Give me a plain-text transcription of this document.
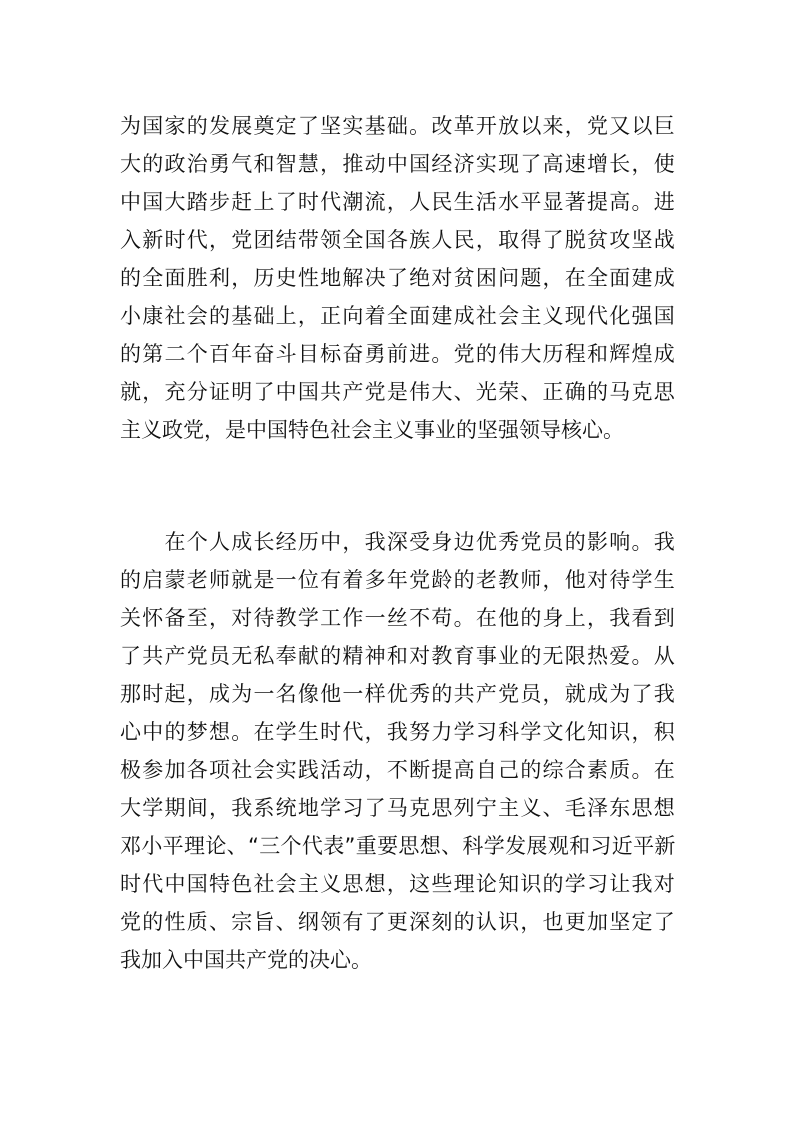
为国家的发展奠定了坚实基础。改革开放以来，党又以巨
大的政治勇气和智慧，推动中国经济实现了高速增长，使
中国大踏步赶上了时代潮流，人民生活水平显著提高。进
入新时代，党团结带领全国各族人民，取得了脱贫攻坚战
的全面胜利，历史性地解决了绝对贫困问题，在全面建成
小康社会的基础上，正向着全面建成社会主义现代化强国
的第二个百年奋斗目标奋勇前进。党的伟大历程和辉煌成
就，充分证明了中国共产党是伟大、光荣、正确的马克思
主义政党，是中国特色社会主义事业的坚强领导核心。

　　在个人成长经历中，我深受身边优秀党员的影响。我
的启蒙老师就是一位有着多年党龄的老教师，他对待学生
关怀备至，对待教学工作一丝不苟。在他的身上，我看到
了共产党员无私奉献的精神和对教育事业的无限热爱。从
那时起，成为一名像他一样优秀的共产党员，就成为了我
心中的梦想。在学生时代，我努力学习科学文化知识，积
极参加各项社会实践活动，不断提高自己的综合素质。在
大学期间，我系统地学习了马克思列宁主义、毛泽东思想
邓小平理论、“三个代表”重要思想、科学发展观和习近平新
时代中国特色社会主义思想，这些理论知识的学习让我对
党的性质、宗旨、纲领有了更深刻的认识，也更加坚定了
我加入中国共产党的决心。
